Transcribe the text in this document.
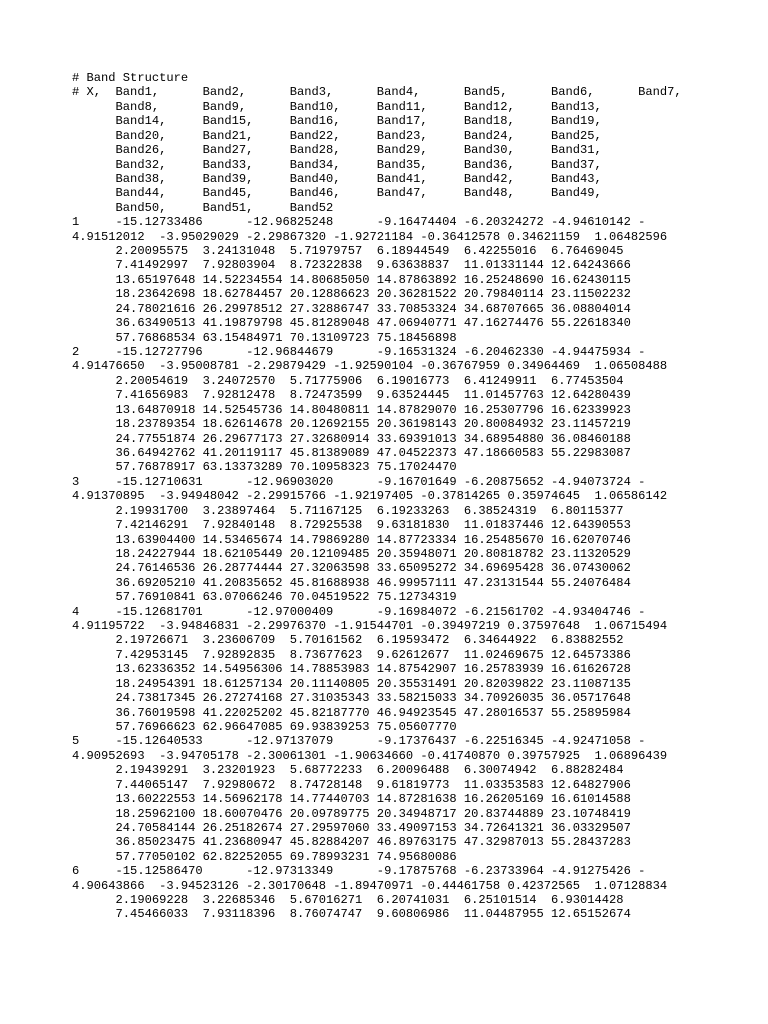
# Band Structure
# X,  Band1,      Band2,      Band3,      Band4,      Band5,      Band6,      Band7,
Band8,      Band9,      Band10,     Band11,     Band12,     Band13,
Band14,     Band15,     Band16,     Band17,     Band18,     Band19,
Band20,     Band21,     Band22,     Band23,     Band24,     Band25,
Band26,     Band27,     Band28,     Band29,     Band30,     Band31,
Band32,     Band33,     Band34,     Band35,     Band36,     Band37,
Band38,     Band39,     Band40,     Band41,     Band42,     Band43,
Band44,     Band45,     Band46,     Band47,     Band48,     Band49,
Band50,     Band51,     Band52
1     -15.12733486      -12.96825248      -9.16474404 -6.20324272 -4.94610142 -
4.91512012  -3.95029029 -2.29867320 -1.92721184 -0.36412578 0.34621159  1.06482596
2.20095575  3.24131048  5.71979757  6.18944549  6.42255016  6.76469045
7.41492997  7.92803904  8.72322838  9.63638837  11.01331144 12.64243666
13.65197648 14.52234554 14.80685050 14.87863892 16.25248690 16.62430115
18.23642698 18.62784457 20.12886623 20.36281522 20.79840114 23.11502232
24.78021616 26.29978512 27.32886747 33.70853324 34.68707665 36.08804014
36.63490513 41.19879798 45.81289048 47.06940771 47.16274476 55.22618340
57.76868534 63.15484971 70.13109723 75.18456898
2     -15.12727796      -12.96844679      -9.16531324 -6.20462330 -4.94475934 -
4.91476650  -3.95008781 -2.29879429 -1.92590104 -0.36767959 0.34964469  1.06508488
2.20054619  3.24072570  5.71775906  6.19016773  6.41249911  6.77453504
7.41656983  7.92812478  8.72473599  9.63524445  11.01457763 12.64280439
13.64870918 14.52545736 14.80480811 14.87829070 16.25307796 16.62339923
18.23789354 18.62614678 20.12692155 20.36198143 20.80084932 23.11457219
24.77551874 26.29677173 27.32680914 33.69391013 34.68954880 36.08460188
36.64942762 41.20119117 45.81389089 47.04522373 47.18660583 55.22983087
57.76878917 63.13373289 70.10958323 75.17024470
3     -15.12710631      -12.96903020      -9.16701649 -6.20875652 -4.94073724 -
4.91370895  -3.94948042 -2.29915766 -1.92197405 -0.37814265 0.35974645  1.06586142
2.19931700  3.23897464  5.71167125  6.19233263  6.38524319  6.80115377
7.42146291  7.92840148  8.72925538  9.63181830  11.01837446 12.64390553
13.63904400 14.53465674 14.79869280 14.87723334 16.25485670 16.62070746
18.24227944 18.62105449 20.12109485 20.35948071 20.80818782 23.11320529
24.76146536 26.28774444 27.32063598 33.65095272 34.69695428 36.07430062
36.69205210 41.20835652 45.81688938 46.99957111 47.23131544 55.24076484
57.76910841 63.07066246 70.04519522 75.12734319
4     -15.12681701      -12.97000409      -9.16984072 -6.21561702 -4.93404746 -
4.91195722  -3.94846831 -2.29976370 -1.91544701 -0.39497219 0.37597648  1.06715494
2.19726671  3.23606709  5.70161562  6.19593472  6.34644922  6.83882552
7.42953145  7.92892835  8.73677623  9.62612677  11.02469675 12.64573386
13.62336352 14.54956306 14.78853983 14.87542907 16.25783939 16.61626728
18.24954391 18.61257134 20.11140805 20.35531491 20.82039822 23.11087135
24.73817345 26.27274168 27.31035343 33.58215033 34.70926035 36.05717648
36.76019598 41.22025202 45.82187770 46.94923545 47.28016537 55.25895984
57.76966623 62.96647085 69.93839253 75.05607770
5     -15.12640533      -12.97137079      -9.17376437 -6.22516345 -4.92471058 -
4.90952693  -3.94705178 -2.30061301 -1.90634660 -0.41740870 0.39757925  1.06896439
2.19439291  3.23201923  5.68772233  6.20096488  6.30074942  6.88282484
7.44065147  7.92980672  8.74728148  9.61819773  11.03353583 12.64827906
13.60222553 14.56962178 14.77440703 14.87281638 16.26205169 16.61014588
18.25962100 18.60070476 20.09789775 20.34948717 20.83744889 23.10748419
24.70584144 26.25182674 27.29597060 33.49097153 34.72641321 36.03329507
36.85023475 41.23680947 45.82884207 46.89763175 47.32987013 55.28437283
57.77050102 62.82252055 69.78993231 74.95680086
6     -15.12586470      -12.97313349      -9.17875768 -6.23733964 -4.91275426 -
4.90643866  -3.94523126 -2.30170648 -1.89470971 -0.44461758 0.42372565  1.07128834
2.19069228  3.22685346  5.67016271  6.20741031  6.25101514  6.93014428
7.45466033  7.93118396  8.76074747  9.60806986  11.04487955 12.65152674
